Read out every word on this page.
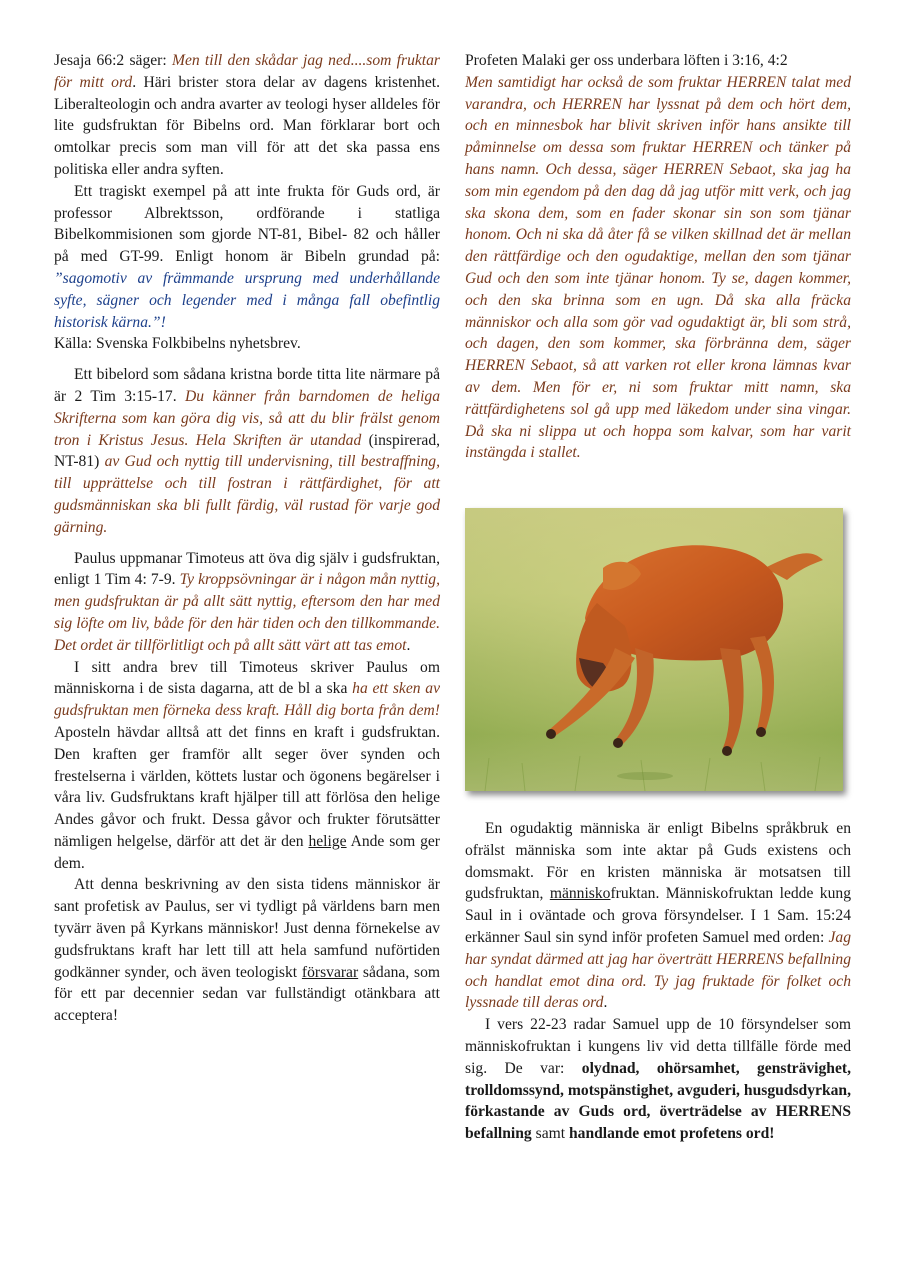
Jesaja 66:2 säger: Men till den skådar jag ned....som fruktar för mitt ord. Häri brister stora delar av dagens kristenhet. Liberalteologin och andra avarter av teologi hyser alldeles för lite gudsfruktan för Bibelns ord. Man förklarar bort och omtolkar precis som man vill för att det ska passa ens politiska eller andra syften.

Ett tragiskt exempel på att inte frukta för Guds ord, är professor Albrektsson, ordförande i statliga Bibelkommisionen som gjorde NT-81, Bibel- 82 och håller på med GT-99. Enligt honom är Bibeln grundad på: ”sagomotiv av främmande ursprung med underhållande syfte, sägner och legender med i många fall obefintlig historisk kärna.”!

Källa: Svenska Folkbibelns nyhetsbrev.

Ett bibelord som sådana kristna borde titta lite närmare på är 2 Tim 3:15-17. Du känner från barndomen de heliga Skrifterna som kan göra dig vis, så att du blir frälst genom tron i Kristus Jesus. Hela Skriften är utandad (inspirerad, NT-81) av Gud och nyttig till undervisning, till bestraffning, till upprättelse och till fostran i rättfärdighet, för att gudsmänniskan ska bli fullt färdig, väl rustad för varje god gärning.

Paulus uppmanar Timoteus att öva dig själv i gudsfruktan, enligt 1 Tim 4: 7-9. Ty kroppsövningar är i någon mån nyttig, men gudsfruktan är på allt sätt nyttig, eftersom den har med sig löfte om liv, både för den här tiden och den tillkommande. Det ordet är tillförlitligt och på allt sätt värt att tas emot.

I sitt andra brev till Timoteus skriver Paulus om människorna i de sista dagarna, att de bl a ska ha ett sken av gudsfruktan men förneka dess kraft. Håll dig borta från dem! Aposteln hävdar alltså att det finns en kraft i gudsfruktan. Den kraften ger framför allt seger över synden och frestelserna i världen, köttets lustar och ögonens begärelser i våra liv. Gudsfruktans kraft hjälper till att förlösa den helige Andes gåvor och frukt. Dessa gåvor och frukter förutsätter nämligen helgelse, därför att det är den helige Ande som ger dem.

Att denna beskrivning av den sista tidens människor är sant profetisk av Paulus, ser vi tydligt på världens barn men tyvärr även på Kyrkans människor! Just denna förnekelse av gudsfruktans kraft har lett till att hela samfund nuförtiden godkänner synder, och även teologiskt försvarar sådana, som för ett par decennier sedan var fullständigt otänkbara att acceptera!

Profeten Malaki ger oss underbara löften i 3:16, 4:2

Men samtidigt har också de som fruktar HERREN talat med varandra, och HERREN har lyssnat på dem och hört dem, och en minnesbok har blivit skriven inför hans ansikte till påminnelse om dessa som fruktar HERREN och tänker på hans namn. Och dessa, säger HERREN Sebaot, ska jag ha som min egendom på den dag då jag utför mitt verk, och jag ska skona dem, som en fader skonar sin son som tjänar honom. Och ni ska då åter få se vilken skillnad det är mellan den rättfärdige och den ogudaktige, mellan den som tjänar Gud och den som inte tjänar honom. Ty se, dagen kommer, och den ska brinna som en ugn. Då ska alla fräcka människor och alla som gör vad ogudaktigt är, bli som strå, och dagen, den som kommer, ska förbränna dem, säger HERREN Sebaot, så att varken rot eller krona lämnas kvar av dem. Men för er, ni som fruktar mitt namn, ska rättfärdighetens sol gå upp med läkedom under sina vingar. Då ska ni slippa ut och hoppa som kalvar, som har varit instängda i stallet.

En ogudaktig människa är enligt Bibelns språkbruk en ofrälst människa som inte aktar på Guds existens och domsmakt. För en kristen människa är motsatsen till gudsfruktan, människofruktan. Människofruktan ledde kung Saul in i oväntade och grova försyndelser. I 1 Sam. 15:24 erkänner Saul sin synd inför profeten Samuel med orden: Jag har syndat därmed att jag har överträtt HERRENS befallning och handlat emot dina ord. Ty jag fruktade för folket och lyssnade till deras ord.

I vers 22-23 radar Samuel upp de 10 försyndelser som människofruktan i kungens liv vid detta tillfälle förde med sig. De var: olydnad, ohörsamhet, gensträvighet, trolldomssynd, motspänstighet, avguderi, husgudsdyrkan, förkastande av Guds ord, överträdelse av HERRENS befallning samt handlande emot profetens ord!
